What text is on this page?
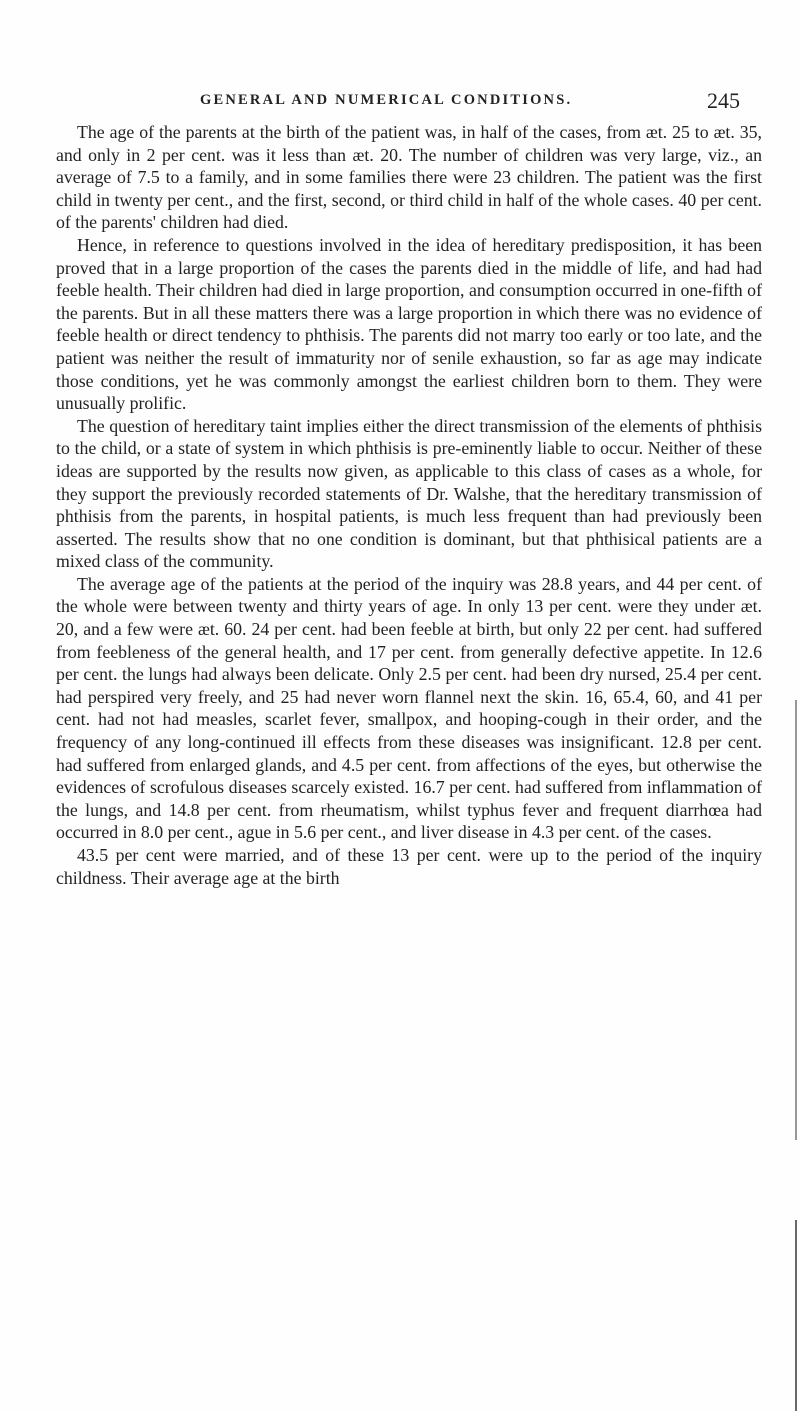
GENERAL AND NUMERICAL CONDITIONS.	245

The age of the parents at the birth of the patient was, in half of the cases, from æt. 25 to æt. 35, and only in 2 per cent. was it less than æt. 20. The number of children was very large, viz., an average of 7.5 to a family, and in some families there were 23 children. The patient was the first child in twenty per cent., and the first, second, or third child in half of the whole cases. 40 per cent. of the parents' children had died.

Hence, in reference to questions involved in the idea of hereditary predisposition, it has been proved that in a large proportion of the cases the parents died in the middle of life, and had had feeble health. Their children had died in large proportion, and consumption occurred in one-fifth of the parents. But in all these matters there was a large proportion in which there was no evidence of feeble health or direct tendency to phthisis. The parents did not marry too early or too late, and the patient was neither the result of immaturity nor of senile exhaustion, so far as age may indicate those conditions, yet he was commonly amongst the earliest children born to them. They were unusually prolific.

The question of hereditary taint implies either the direct transmission of the elements of phthisis to the child, or a state of system in which phthisis is pre-eminently liable to occur. Neither of these ideas are supported by the results now given, as applicable to this class of cases as a whole, for they support the previously recorded statements of Dr. Walshe, that the hereditary transmission of phthisis from the parents, in hospital patients, is much less frequent than had previously been asserted. The results show that no one condition is dominant, but that phthisical patients are a mixed class of the community.

The average age of the patients at the period of the inquiry was 28.8 years, and 44 per cent. of the whole were between twenty and thirty years of age. In only 13 per cent. were they under æt. 20, and a few were æt. 60. 24 per cent. had been feeble at birth, but only 22 per cent. had suffered from feebleness of the general health, and 17 per cent. from generally defective appetite. In 12.6 per cent. the lungs had always been delicate. Only 2.5 per cent. had been dry nursed, 25.4 per cent. had perspired very freely, and 25 had never worn flannel next the skin. 16, 65.4, 60, and 41 per cent. had not had measles, scarlet fever, smallpox, and hooping-cough in their order, and the frequency of any long-continued ill effects from these diseases was insignificant. 12.8 per cent. had suffered from enlarged glands, and 4.5 per cent. from affections of the eyes, but otherwise the evidences of scrofulous diseases scarcely existed. 16.7 per cent. had suffered from inflammation of the lungs, and 14.8 per cent. from rheumatism, whilst typhus fever and frequent diarrhœa had occurred in 8.0 per cent., ague in 5.6 per cent., and liver disease in 4.3 per cent. of the cases.

43.5 per cent were married, and of these 13 per cent. were up to the period of the inquiry childness. Their average age at the birth
